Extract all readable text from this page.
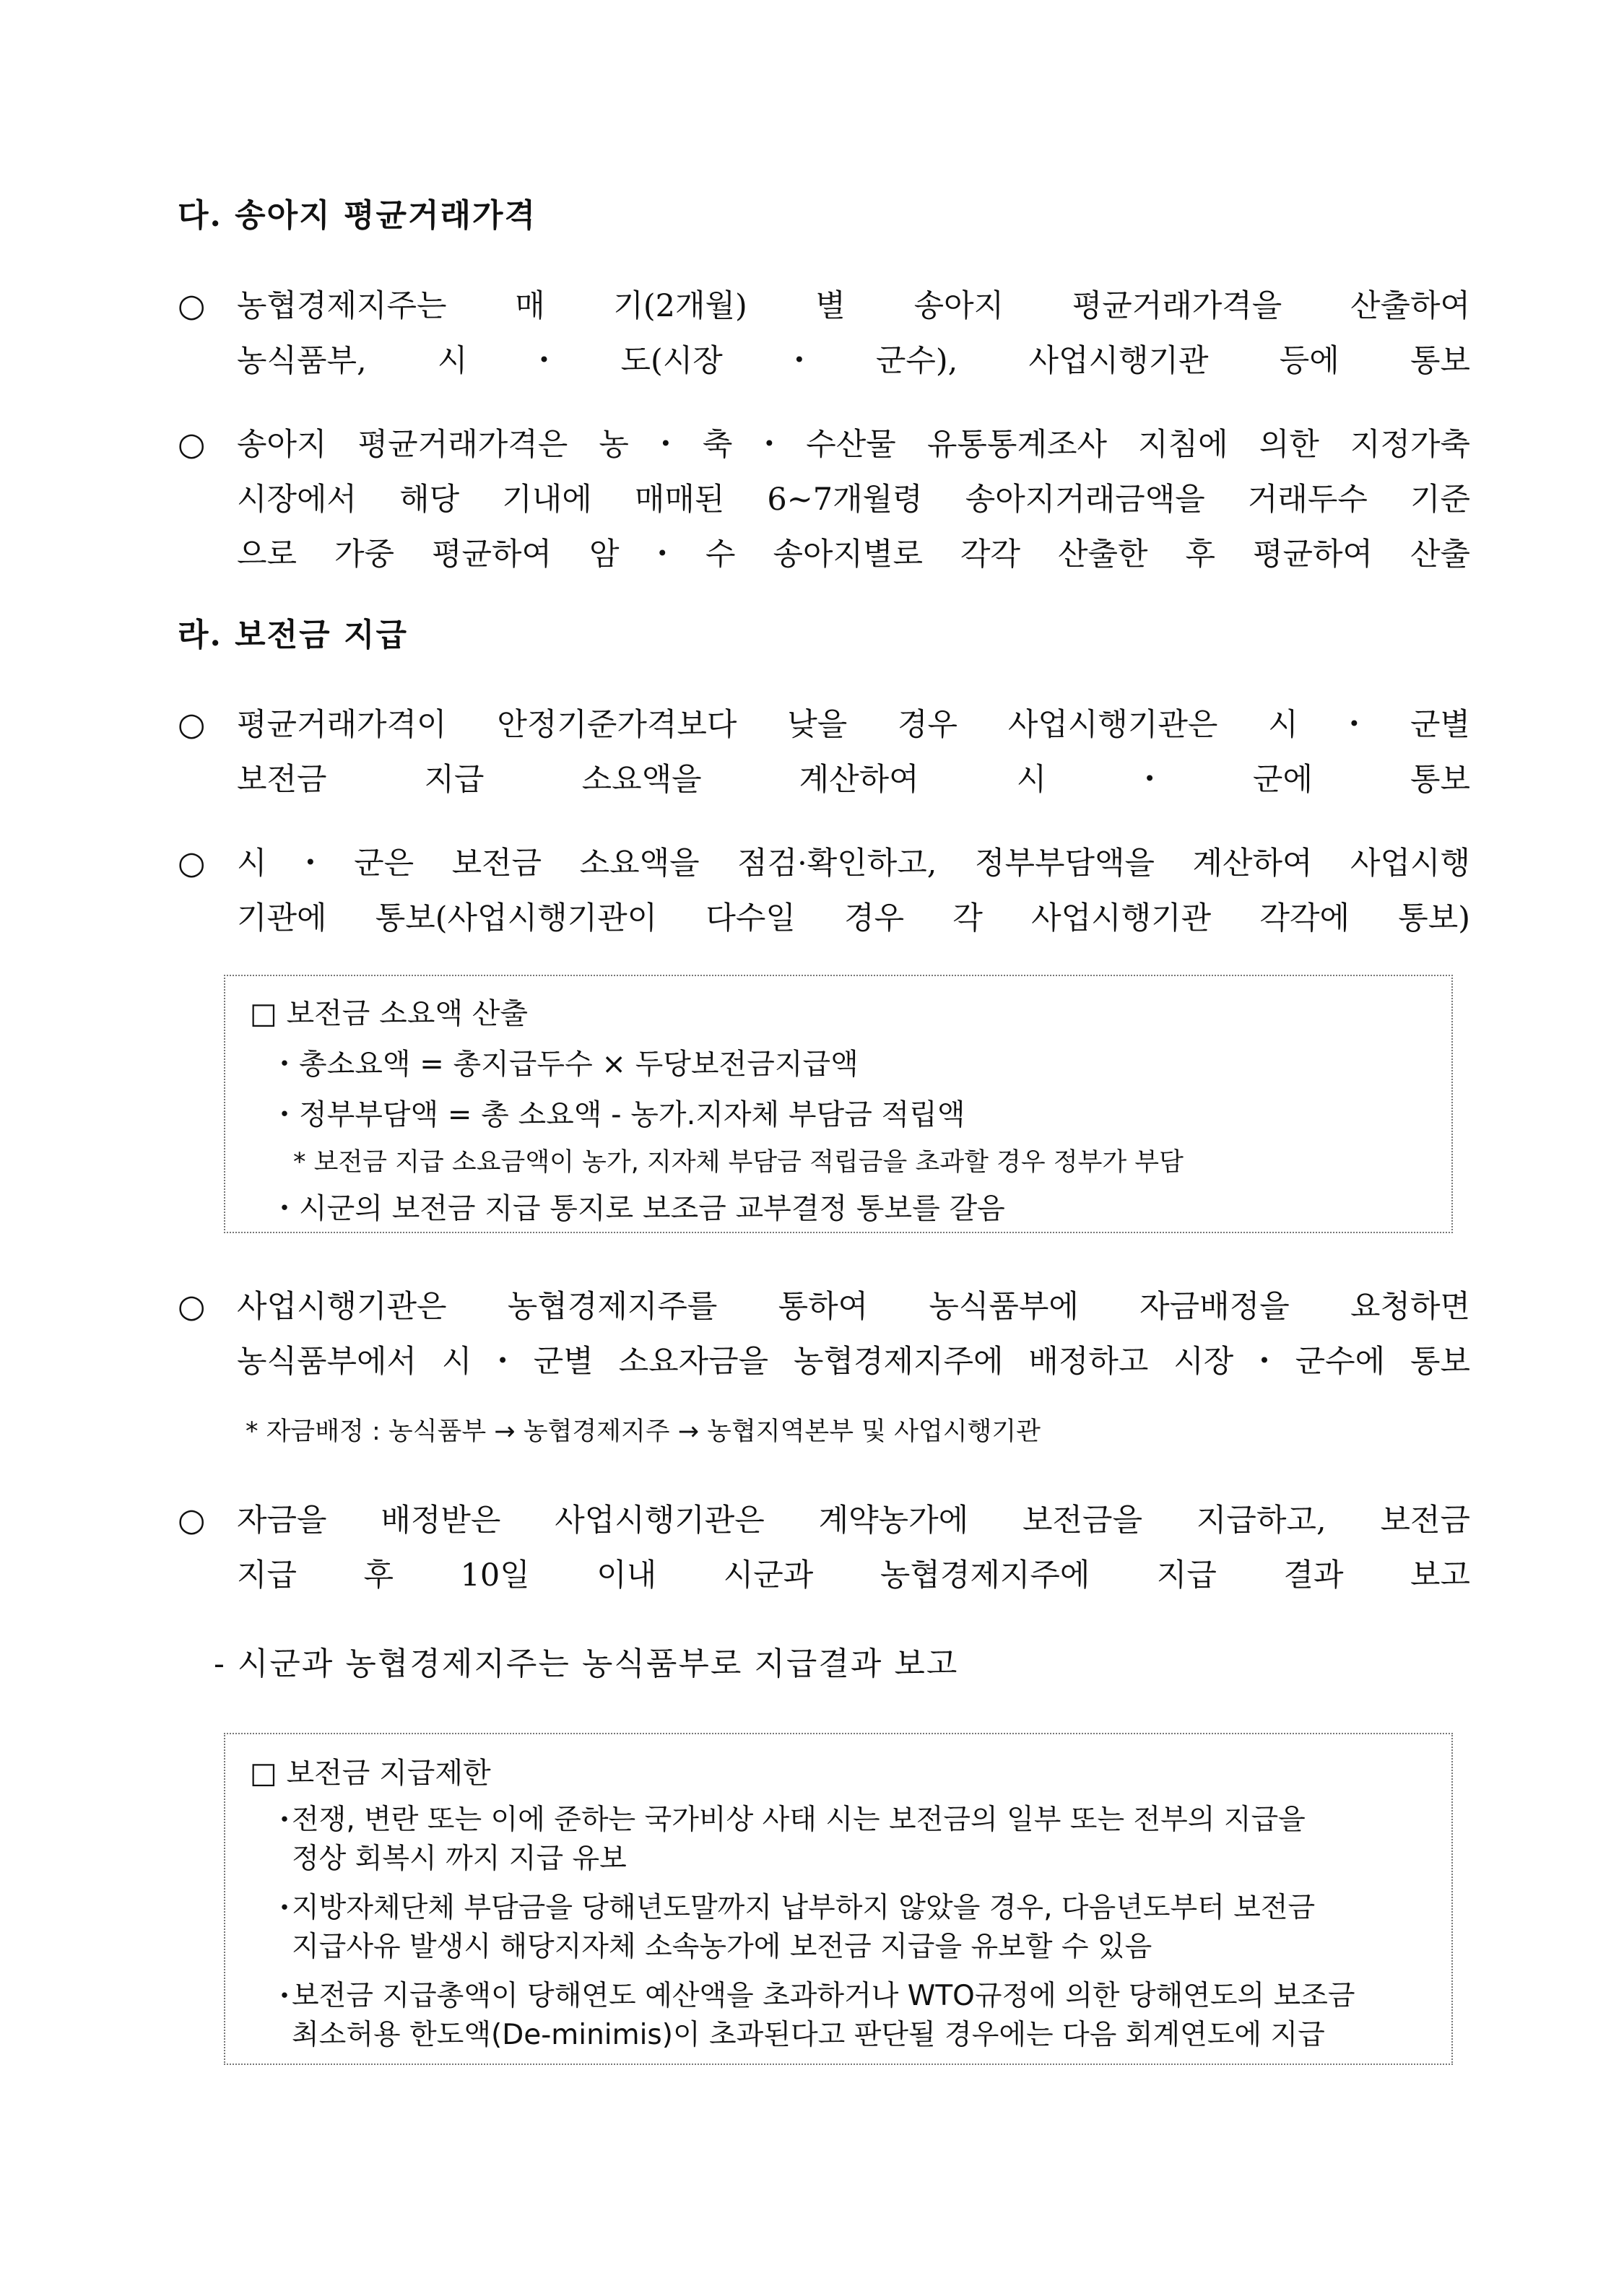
다. 송아지 평균거래가격
○ 농협경제지주는 매 기(2개월) 별 송아지 평균거래가격을 산출하여
농식품부, 시・도(시장・군수), 사업시행기관 등에 통보
○ 송아지 평균거래가격은 농・축・수산물 유통통계조사 지침에 의한 지정가축
시장에서 해당 기내에 매매된 6~7개월령 송아지거래금액을 거래두수 기준
으로 가중 평균하여 암・수 송아지별로 각각 산출한 후 평균하여 산출
라. 보전금 지급
○ 평균거래가격이 안정기준가격보다 낮을 경우 사업시행기관은 시・군별
보전금 지급 소요액을 계산하여 시・군에 통보
○ 시・군은 보전금 소요액을 점검·확인하고, 정부부담액을 계산하여 사업시행
기관에 통보(사업시행기관이 다수일 경우 각 사업시행기관 각각에 통보)
□ 보전금 소요액 산출
・총소요액 = 총지급두수 × 두당보전금지급액
・정부부담액 = 총 소요액 - 농가.지자체 부담금 적립액
* 보전금 지급 소요금액이 농가, 지자체 부담금 적립금을 초과할 경우 정부가 부담
・시군의 보전금 지급 통지로 보조금 교부결정 통보를 갈음
○ 사업시행기관은 농협경제지주를 통하여 농식품부에 자금배정을 요청하면
농식품부에서 시・군별 소요자금을 농협경제지주에 배정하고 시장・군수에 통보
* 자금배정 : 농식품부 → 농협경제지주 → 농협지역본부 및 사업시행기관
○ 자금을 배정받은 사업시행기관은 계약농가에 보전금을 지급하고, 보전금
지급 후 10일 이내 시군과 농협경제지주에 지급 결과 보고
- 시군과 농협경제지주는 농식품부로 지급결과 보고
□ 보전금 지급제한
・
전쟁, 변란 또는 이에 준하는 국가비상 사태 시는 보전금의 일부 또는 전부의 지급을
정상 회복시 까지 지급 유보
・
지방자체단체 부담금을 당해년도말까지 납부하지 않았을 경우, 다음년도부터 보전금
지급사유 발생시 해당지자체 소속농가에 보전금 지급을 유보할 수 있음
・
보전금 지급총액이 당해연도 예산액을 초과하거나 WTO규정에 의한 당해연도의 보조금
최소허용 한도액(De-minimis)이 초과된다고 판단될 경우에는 다음 회계연도에 지급
